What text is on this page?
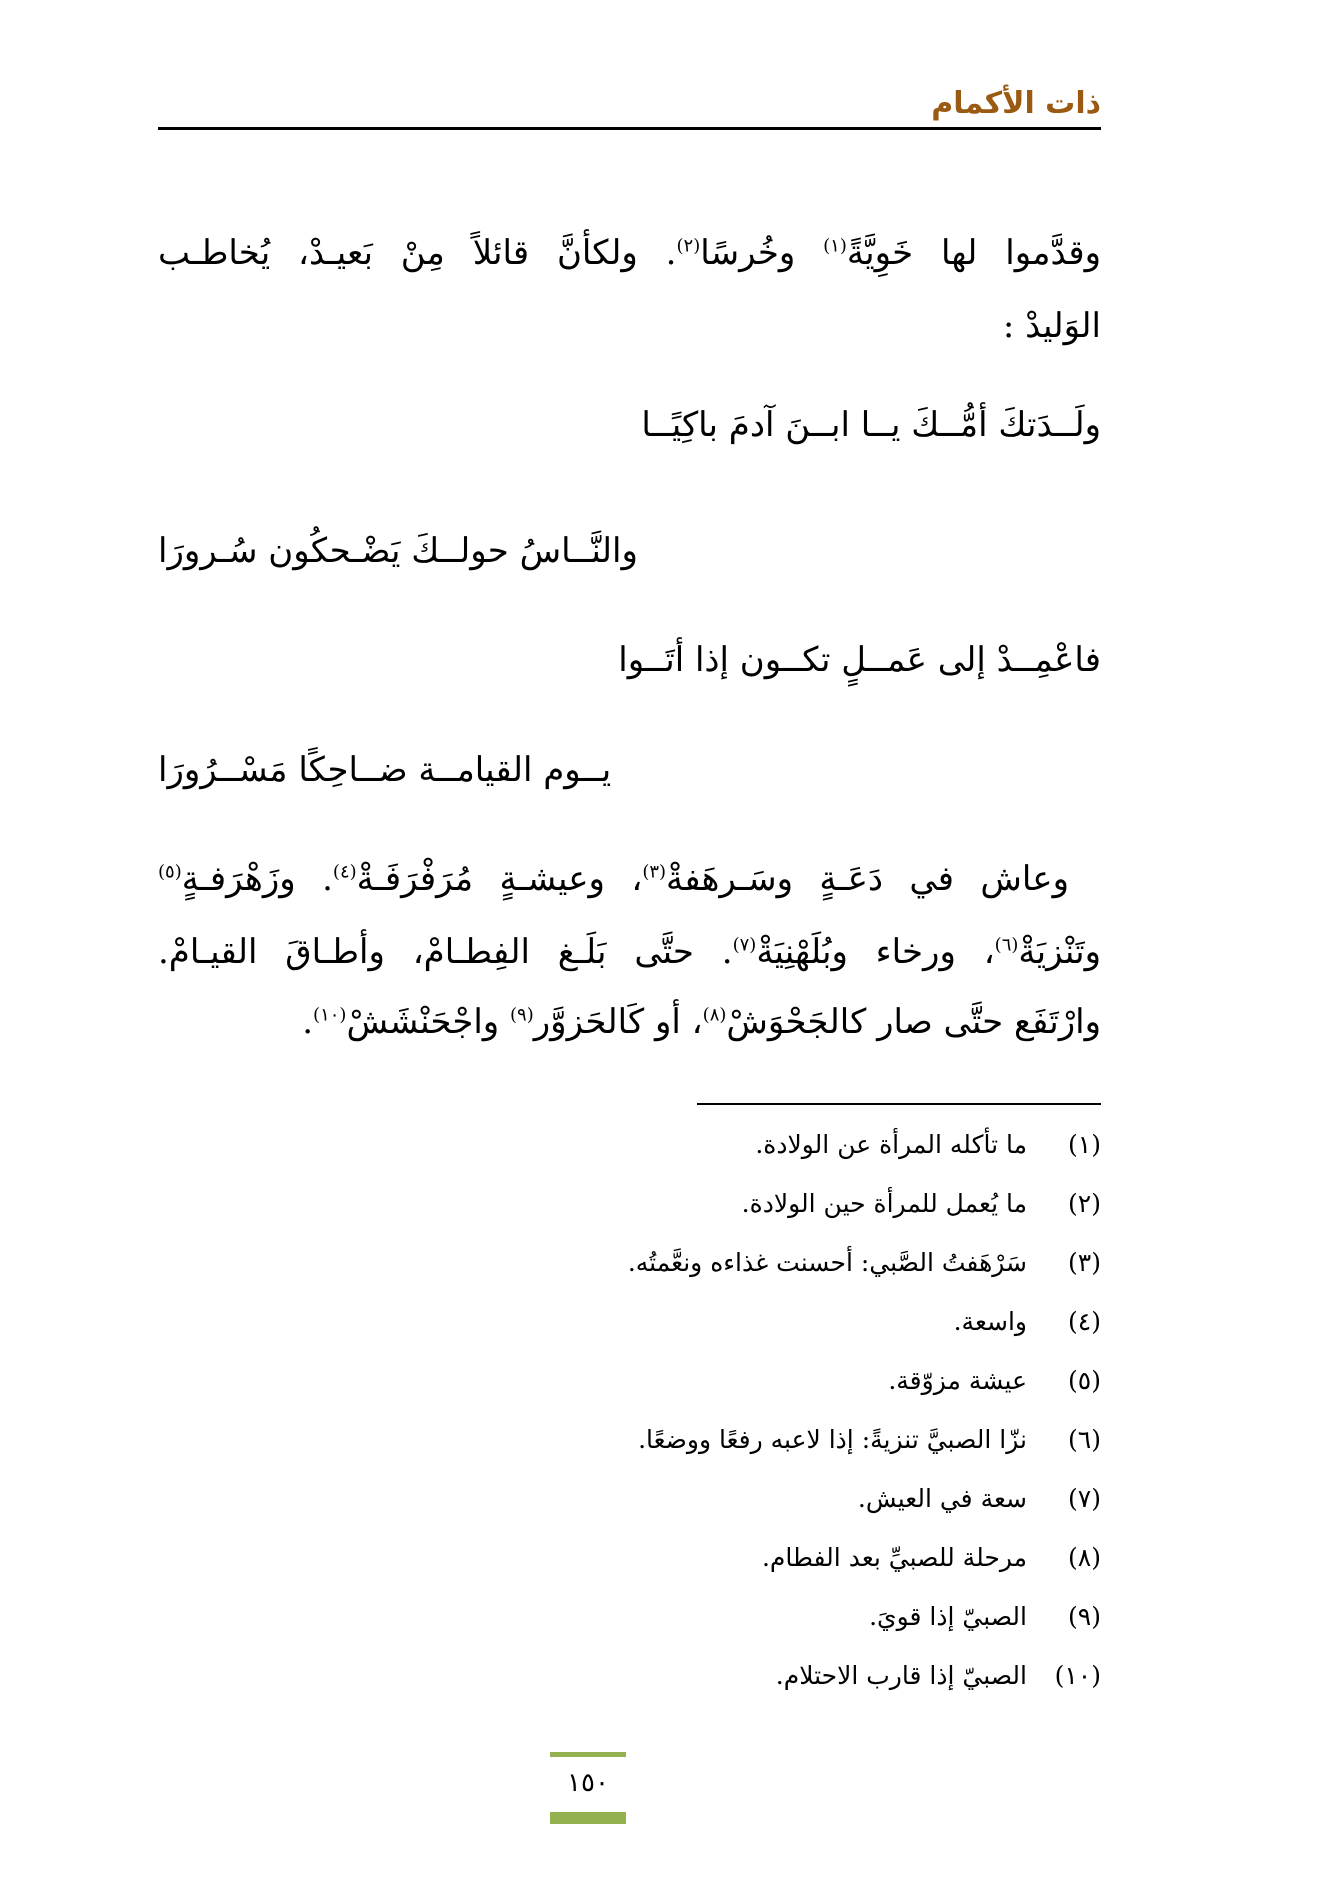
ذات الأكمام
وقدَّموا لها خَوِيَّةً$^{(١)}$ وخُرسًا$^{(٢)}$. ولكأنَّ قائلاً مِنْ بَعيـدْ، يُخاطـب
الوَليدْ :
ولَــدَتكَ أمُّــكَ يــا ابــنَ آدمَ باكِيًــا
والنَّــاسُ حولــكَ يَضْـحكُون سُـرورَا
فاعْمِــدْ إلى عَمــلٍ تكــون إذا أتَــوا
يــوم القيامــة ضــاحِكًا مَسْــرُورَا
وعاش في دَعَـةٍ وسَـرهَفةْ$^{(٣)}$، وعيشـةٍ مُرَفْرَفَـةْ$^{(٤)}$. وزَهْرَفـةٍ$^{(٥)}$
وتَنْزيَةْ$^{(٦)}$، ورخاء وبُلَهْنِيَةْ$^{(٧)}$. حتَّى بَلَـغ الفِطـامْ، وأطـاقَ القيـامْ.
وارْتَفَع حتَّى صار كالجَحْوَشْ$^{(٨)}$، أو كَالحَزوَّر$^{(٩)}$ واجْحَنْشَشْ$^{(١٠)}$.
(١)
ما تأكله المرأة عن الولادة.
(٢)
ما يُعمل للمرأة حين الولادة.
(٣)
سَرْهَفتُ الصَّبي: أحسنت غذاءه ونعَّمتُه.
(٤)
واسعة.
(٥)
عيشة مزوّقة.
(٦)
نزّا الصبيَّ تنزيةً: إذا لاعبه رفعًا ووضعًا.
(٧)
سعة في العيش.
(٨)
مرحلة للصبيِّ بعد الفطام.
(٩)
الصبيّ إذا قويَ.
(١٠)
الصبيّ إذا قارب الاحتلام.
١٥٠
